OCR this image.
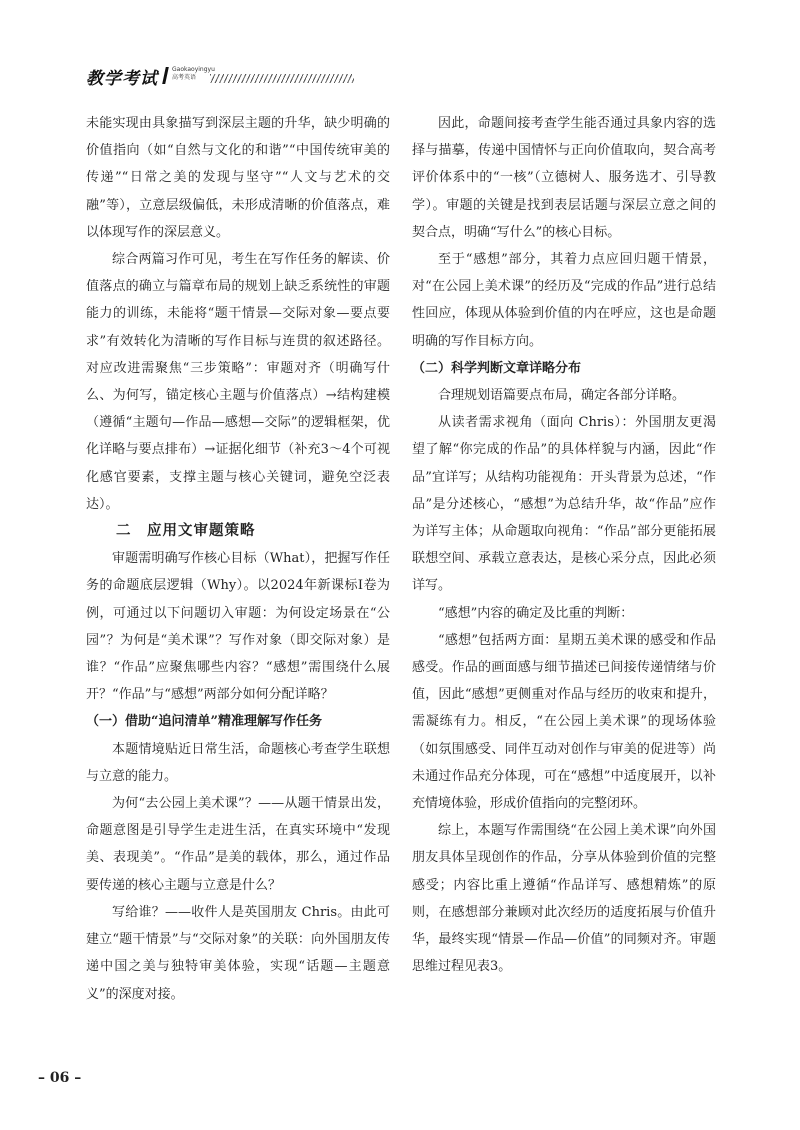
教学考试 Gaokaoyingyu
高考英语

未能实现由具象描写到深层主题的升华，缺少明确的价值指向（如“自然与文化的和谐”“中国传统审美的传递”“日常之美的发现与坚守”“人文与艺术的交融”等），立意层级偏低，未形成清晰的价值落点，难以体现写作的深层意义。

综合两篇习作可见，考生在写作任务的解读、价值落点的确立与篇章布局的规划上缺乏系统性的审题能力的训练，未能将“题干情景—交际对象—要点要求”有效转化为清晰的写作目标与连贯的叙述路径。对应改进需聚焦“三步策略”：审题对齐（明确写什么、为何写，锚定核心主题与价值落点）→结构建模（遵循“主题句—作品—感想—交际”的逻辑框架，优化详略与要点排布）→证据化细节（补充3～4个可视化感官要素，支撑主题与核心关键词，避免空泛表达）。

二　应用文审题策略

审题需明确写作核心目标（What），把握写作任务的命题底层逻辑（Why）。以2024年新课标Ⅰ卷为例，可通过以下问题切入审题：为何设定场景在“公园”？为何是“美术课”？写作对象（即交际对象）是谁？“作品”应聚焦哪些内容？“感想”需围绕什么展开？“作品”与“感想”两部分如何分配详略？

（一）借助“追问清单”精准理解写作任务

本题情境贴近日常生活，命题核心考查学生联想与立意的能力。

为何“去公园上美术课”？——从题干情景出发，命题意图是引导学生走进生活，在真实环境中“发现美、表现美”。“作品”是美的载体，那么，通过作品要传递的核心主题与立意是什么？

写给谁？——收件人是英国朋友 Chris。由此可建立“题干情景”与“交际对象”的关联：向外国朋友传递中国之美与独特审美体验，实现“话题—主题意义”的深度对接。

因此，命题间接考查学生能否通过具象内容的选择与描摹，传递中国情怀与正向价值取向，契合高考评价体系中的“一核”（立德树人、服务选才、引导教学）。审题的关键是找到表层话题与深层立意之间的契合点，明确“写什么”的核心目标。

至于“感想”部分，其着力点应回归题干情景，对“在公园上美术课”的经历及“完成的作品”进行总结性回应，体现从体验到价值的内在呼应，这也是命题明确的写作目标方向。

（二）科学判断文章详略分布

合理规划语篇要点布局，确定各部分详略。

从读者需求视角（面向 Chris）：外国朋友更渴望了解“你完成的作品”的具体样貌与内涵，因此“作品”宜详写；从结构功能视角：开头背景为总述，“作品”是分述核心，“感想”为总结升华，故“作品”应作为详写主体；从命题取向视角：“作品”部分更能拓展联想空间、承载立意表达，是核心采分点，因此必须详写。

“感想”内容的确定及比重的判断：

“感想”包括两方面：星期五美术课的感受和作品感受。作品的画面感与细节描述已间接传递情绪与价值，因此“感想”更侧重对作品与经历的收束和提升，需凝练有力。相反，“在公园上美术课”的现场体验（如氛围感受、同伴互动对创作与审美的促进等）尚未通过作品充分体现，可在“感想”中适度展开，以补充情境体验，形成价值指向的完整闭环。

综上，本题写作需围绕“在公园上美术课”向外国朋友具体呈现创作的作品，分享从体验到价值的完整感受；内容比重上遵循“作品详写、感想精炼”的原则，在感想部分兼顾对此次经历的适度拓展与价值升华，最终实现“情景—作品—价值”的同频对齐。审题思维过程见表3。

– 06 –
